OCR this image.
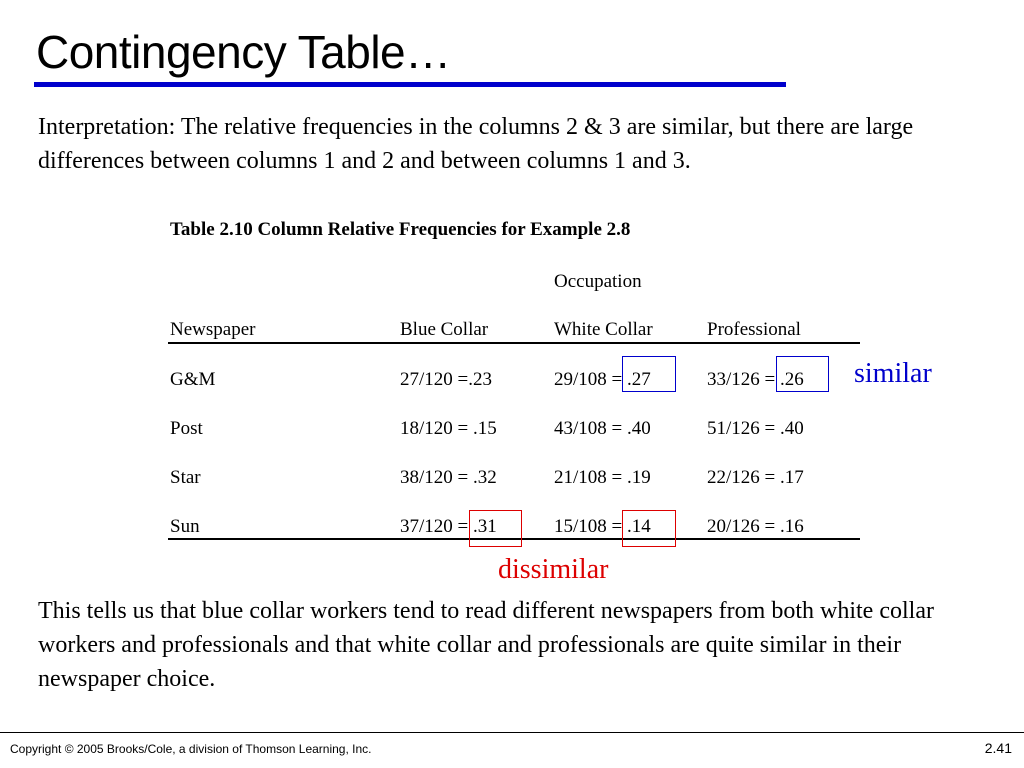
Contingency Table…

Interpretation: The relative frequencies in the columns 2 & 3 are similar, but there are large differences between columns 1 and 2 and between columns 1 and 3.

Table 2.10 Column Relative Frequencies for Example 2.8
Occupation
Newspaper	Blue Collar	White Collar	Professional
G&M	27/120 =.23	29/108 = .27	33/126 = .26
Post	18/120 = .15	43/108 = .40	51/126 = .40
Star	38/120 = .32	21/108 = .19	22/126 = .17
Sun	37/120 = .31	15/108 = .14	20/126 = .16
similar
dissimilar

This tells us that blue collar workers tend to read different newspapers from both white collar workers and professionals and that white collar and professionals are quite similar in their newspaper choice.

Copyright © 2005 Brooks/Cole, a division of Thomson Learning, Inc.	2.41
